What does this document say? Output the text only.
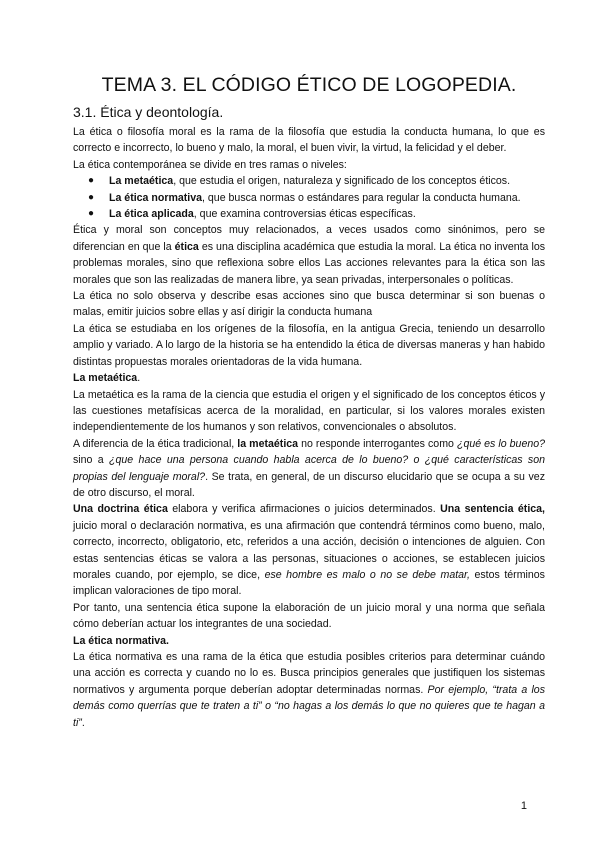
TEMA 3. EL CÓDIGO ÉTICO DE LOGOPEDIA.
3.1. Ética y deontología.

La ética o filosofía moral es la rama de la filosofía que estudia la conducta humana, lo que es correcto e incorrecto, lo bueno y malo, la moral, el buen vivir, la virtud, la felicidad y el deber.

La ética contemporánea se divide en tres ramas o niveles:

● La metaética, que estudia el origen, naturaleza y significado de los conceptos éticos.
● La ética normativa, que busca normas o estándares para regular la conducta humana.
● La ética aplicada, que examina controversias éticas específicas.

Ética y moral son conceptos muy relacionados, a veces usados como sinónimos, pero se diferencian en que la ética es una disciplina académica que estudia la moral. La ética no inventa los problemas morales, sino que reflexiona sobre ellos Las acciones relevantes para la ética son las morales que son las realizadas de manera libre, ya sean privadas, interpersonales o políticas.

La ética no solo observa y describe esas acciones sino que busca determinar si son buenas o malas, emitir juicios sobre ellas y así dirigir la conducta humana

La ética se estudiaba en los orígenes de la filosofía, en la antigua Grecia, teniendo un desarrollo amplio y variado. A lo largo de la historia se ha entendido la ética de diversas maneras y han habido distintas propuestas morales orientadoras de la vida humana.

La metaética.

La metaética es la rama de la ciencia que estudia el origen y el significado de los conceptos éticos y las cuestiones metafísicas acerca de la moralidad, en particular, si los valores morales existen independientemente de los humanos y son relativos, convencionales o absolutos.

A diferencia de la ética tradicional, la metaética no responde interrogantes como ¿qué es lo bueno? sino a ¿que hace una persona cuando habla acerca de lo bueno? o ¿qué características son propias del lenguaje moral?. Se trata, en general, de un discurso elucidario que se ocupa a su vez de otro discurso, el moral.

Una doctrina ética elabora y verifica afirmaciones o juicios determinados. Una sentencia ética, juicio moral o declaración normativa, es una afirmación que contendrá términos como bueno, malo, correcto, incorrecto, obligatorio, etc, referidos a una acción, decisión o intenciones de alguien. Con estas sentencias éticas se valora a las personas, situaciones o acciones, se establecen juicios morales cuando, por ejemplo, se dice, ese hombre es malo o no se debe matar, estos términos implican valoraciones de tipo moral.

Por tanto, una sentencia ética supone la elaboración de un juicio moral y una norma que señala cómo deberían actuar los integrantes de una sociedad.

La ética normativa.

La ética normativa es una rama de la ética que estudia posibles criterios para determinar cuándo una acción es correcta y cuando no lo es. Busca principios generales que justifiquen los sistemas normativos y argumenta porque deberían adoptar determinadas normas. Por ejemplo, “trata a los demás como querrías que te traten a ti” o “no hagas a los demás lo que no quieres que te hagan a ti”.

1
